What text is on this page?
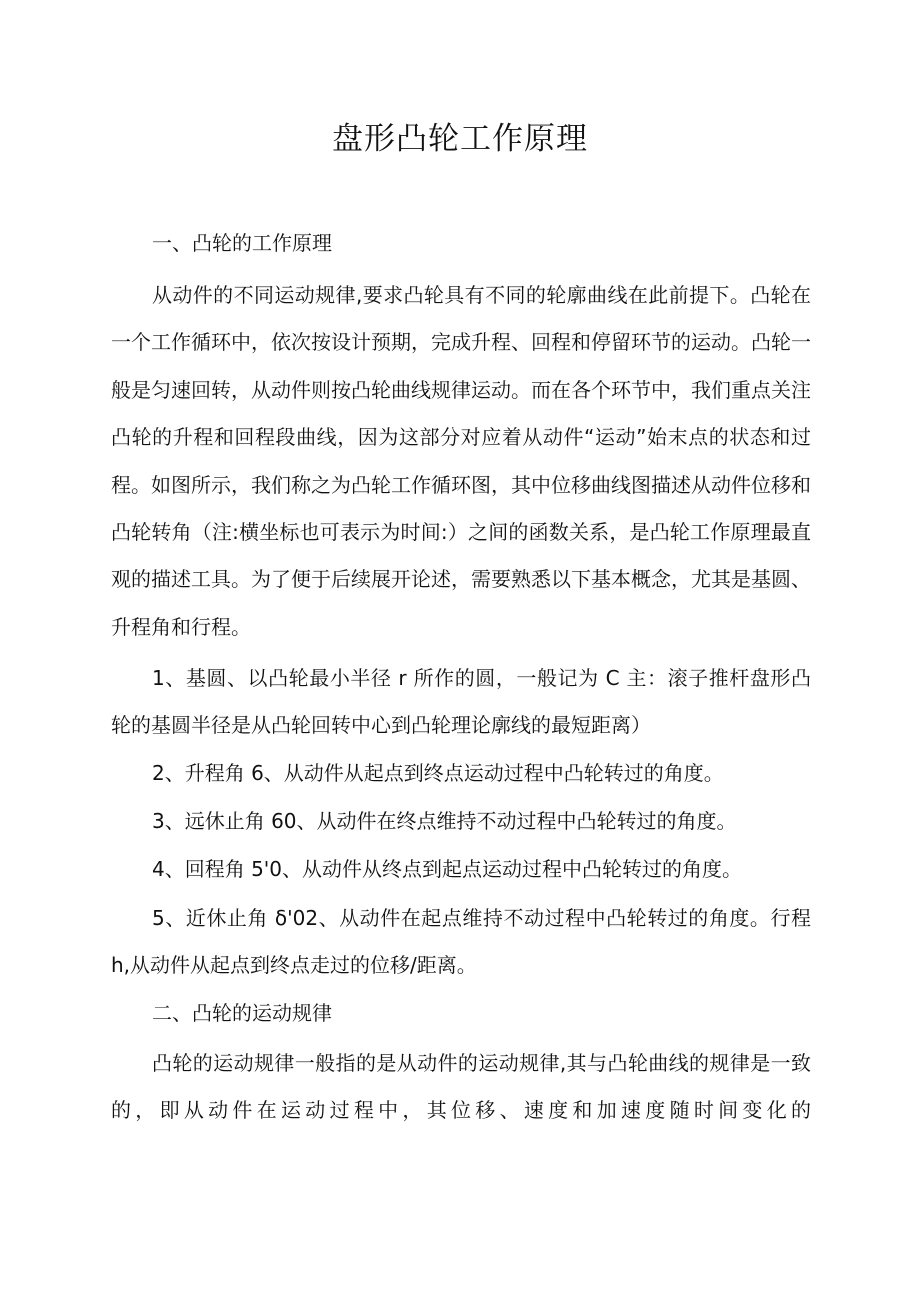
盘形凸轮工作原理
一、凸轮的工作原理

从动件的不同运动规律,要求凸轮具有不同的轮廓曲线在此前提下。凸轮在一个工作循环中，依次按设计预期，完成升程、回程和停留环节的运动。凸轮一般是匀速回转，从动件则按凸轮曲线规律运动。而在各个环节中，我们重点关注凸轮的升程和回程段曲线，因为这部分对应着从动件“运动”始末点的状态和过程。如图所示，我们称之为凸轮工作循环图，其中位移曲线图描述从动件位移和凸轮转角（注:横坐标也可表示为时间:）之间的函数关系，是凸轮工作原理最直观的描述工具。为了便于后续展开论述，需要熟悉以下基本概念，尤其是基圆、升程角和行程。

1、基圆、以凸轮最小半径 r 所作的圆，一般记为 C 主：滚子推杆盘形凸轮的基圆半径是从凸轮回转中心到凸轮理论廓线的最短距离）

2、升程角 6、从动件从起点到终点运动过程中凸轮转过的角度。

3、远休止角 60、从动件在终点维持不动过程中凸轮转过的角度。

4、回程角 5'0、从动件从终点到起点运动过程中凸轮转过的角度。

5、近休止角 δ'02、从动件在起点维持不动过程中凸轮转过的角度。行程 h,从动件从起点到终点走过的位移/距离。

二、凸轮的运动规律

凸轮的运动规律一般指的是从动件的运动规律,其与凸轮曲线的规律是一致的，即从动件在运动过程中，其位移、速度和加速度随时间变化的
